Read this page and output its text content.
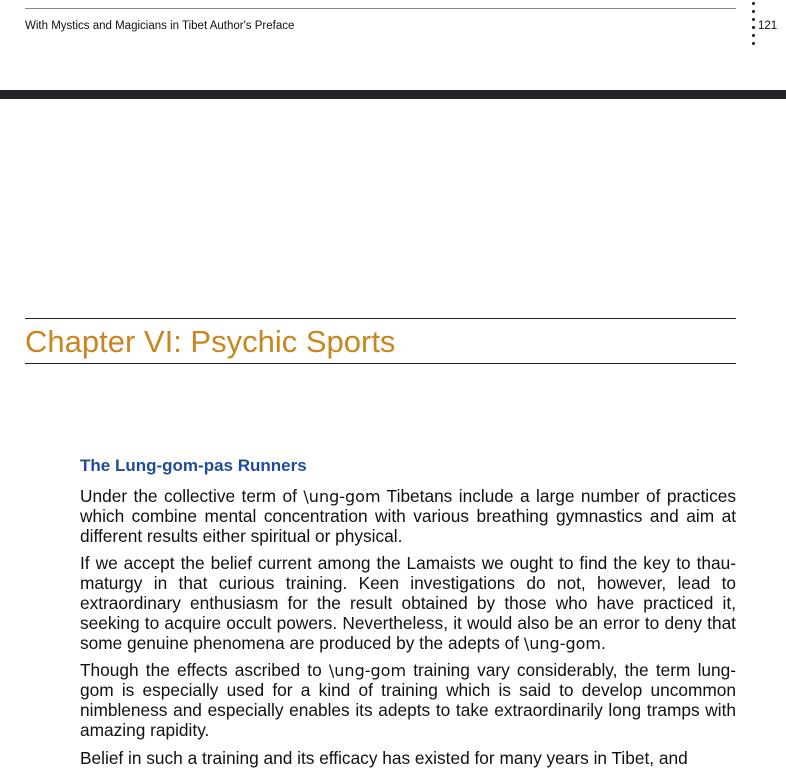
With Mystics and Magicians in Tibet Author's Preface	121
Chapter VI: Psychic Sports
The Lung-gom-pas Runners

Under the collective term of \ung-gom Tibetans include a large number of practices which combine mental concentration with various breathing gymnastics and aim at different results either spiritual or physical.

If we accept the belief current among the Lamaists we ought to find the key to thau-maturgy in that curious training. Keen investigations do not, however, lead to extraordinary enthusiasm for the result obtained by those who have practiced it, seeking to acquire occult powers. Nevertheless, it would also be an error to deny that some genuine phenomena are produced by the adepts of \ung-gom.

Though the effects ascribed to \ung-gom training vary considerably, the term lung-gom is especially used for a kind of training which is said to develop uncommon nimbleness and especially enables its adepts to take extraordinarily long tramps with amazing rapidity.

Belief in such a training and its efficacy has existed for many years in Tibet, and
